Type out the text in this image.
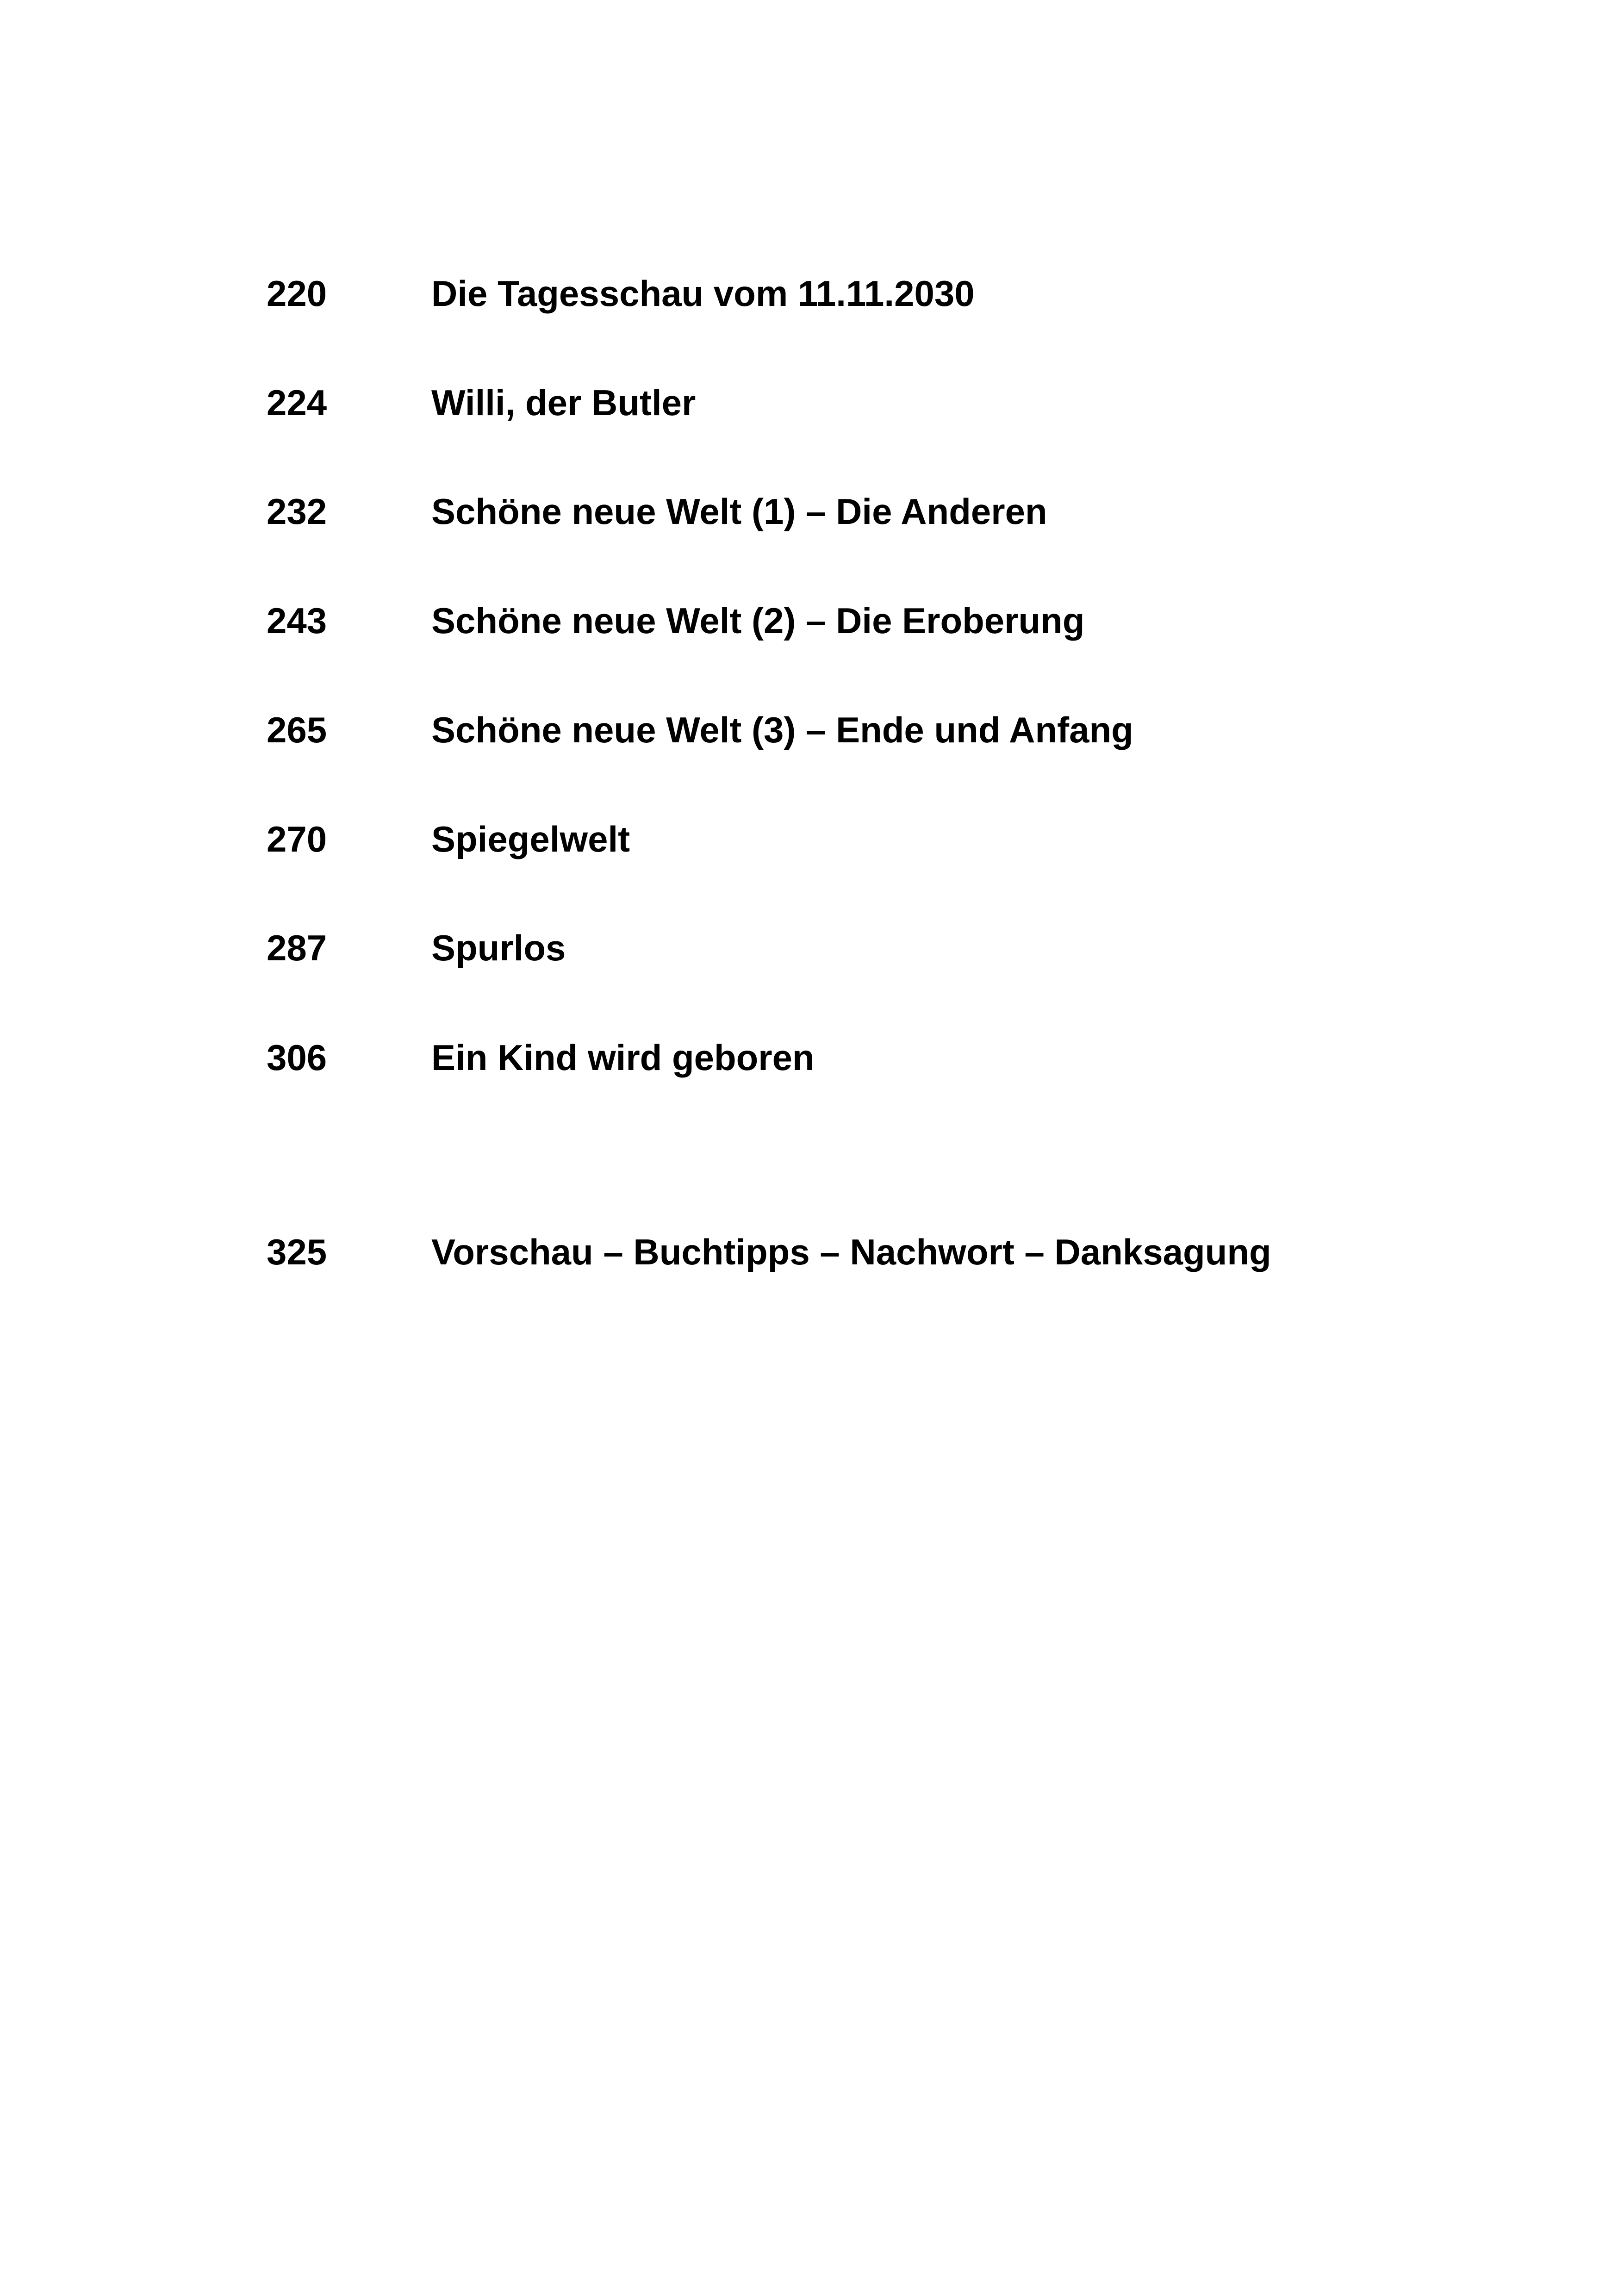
220	Die Tagesschau vom 11.11.2030
224	Willi, der Butler
232	Schöne neue Welt (1) – Die Anderen
243	Schöne neue Welt (2) – Die Eroberung
265	Schöne neue Welt (3) – Ende und Anfang
270	Spiegelwelt
287	Spurlos
306	Ein Kind wird geboren
325	Vorschau – Buchtipps – Nachwort – Danksagung
